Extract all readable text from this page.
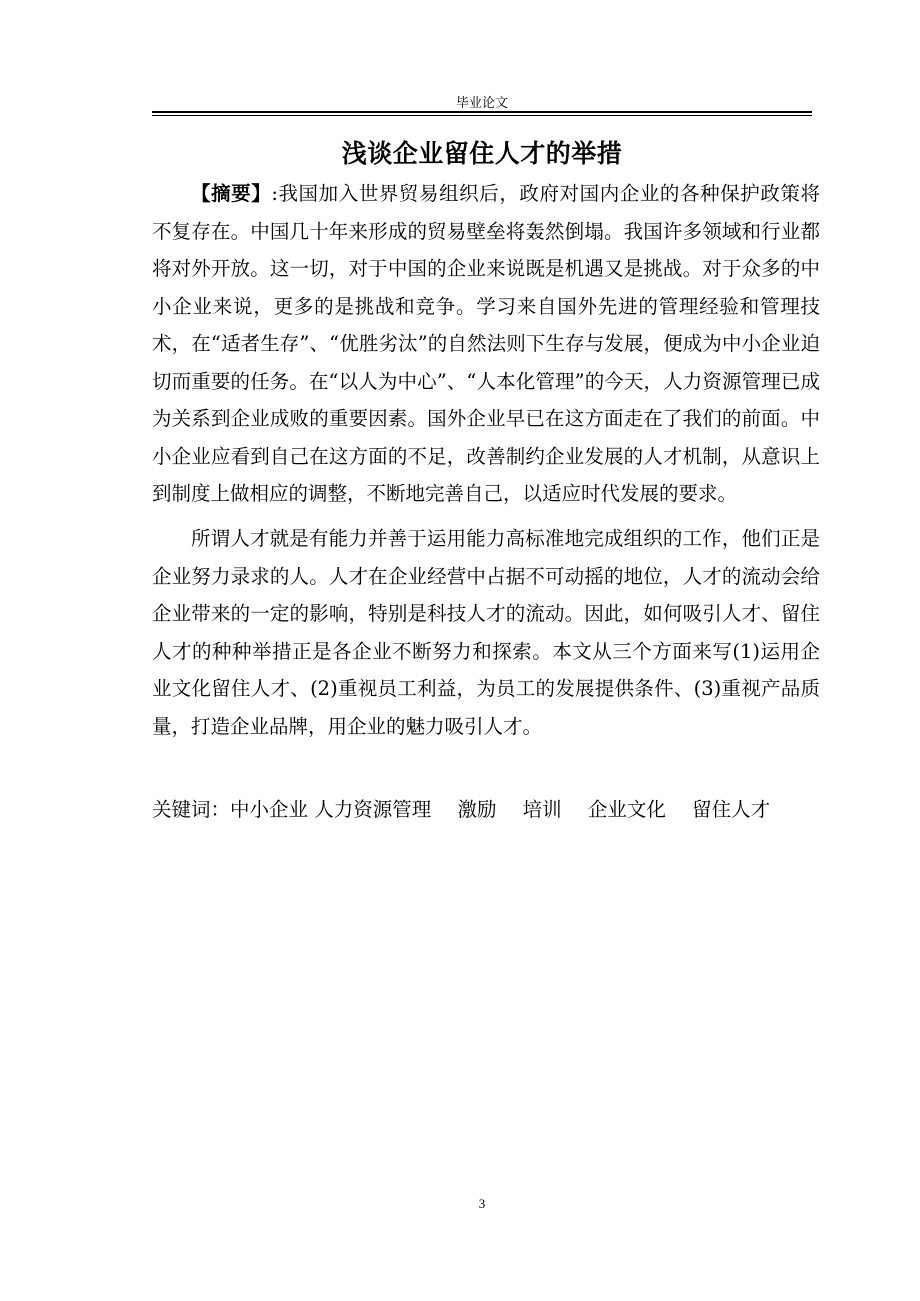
毕业论文
浅谈企业留住人才的举措

【摘要】:我国加入世界贸易组织后，政府对国内企业的各种保护政策将不复存在。中国几十年来形成的贸易壁垒将轰然倒塌。我国许多领域和行业都将对外开放。这一切，对于中国的企业来说既是机遇又是挑战。对于众多的中小企业来说，更多的是挑战和竞争。学习来自国外先进的管理经验和管理技术，在“适者生存”、“优胜劣汰”的自然法则下生存与发展，便成为中小企业迫切而重要的任务。在“以人为中心”、“人本化管理”的今天，人力资源管理已成为关系到企业成败的重要因素。国外企业早已在这方面走在了我们的前面。中小企业应看到自己在这方面的不足，改善制约企业发展的人才机制，从意识上到制度上做相应的调整，不断地完善自己，以适应时代发展的要求。

所谓人才就是有能力并善于运用能力高标准地完成组织的工作，他们正是企业努力录求的人。人才在企业经营中占据不可动摇的地位，人才的流动会给企业带来的一定的影响，特别是科技人才的流动。因此，如何吸引人才、留住人才的种种举措正是各企业不断努力和探索。本文从三个方面来写(1)运用企业文化留住人才、(2)重视员工利益，为员工的发展提供条件、(3)重视产品质量，打造企业品牌，用企业的魅力吸引人才。

关键词：中小企业 人力资源管理 激励 培训 企业文化 留住人才
3
